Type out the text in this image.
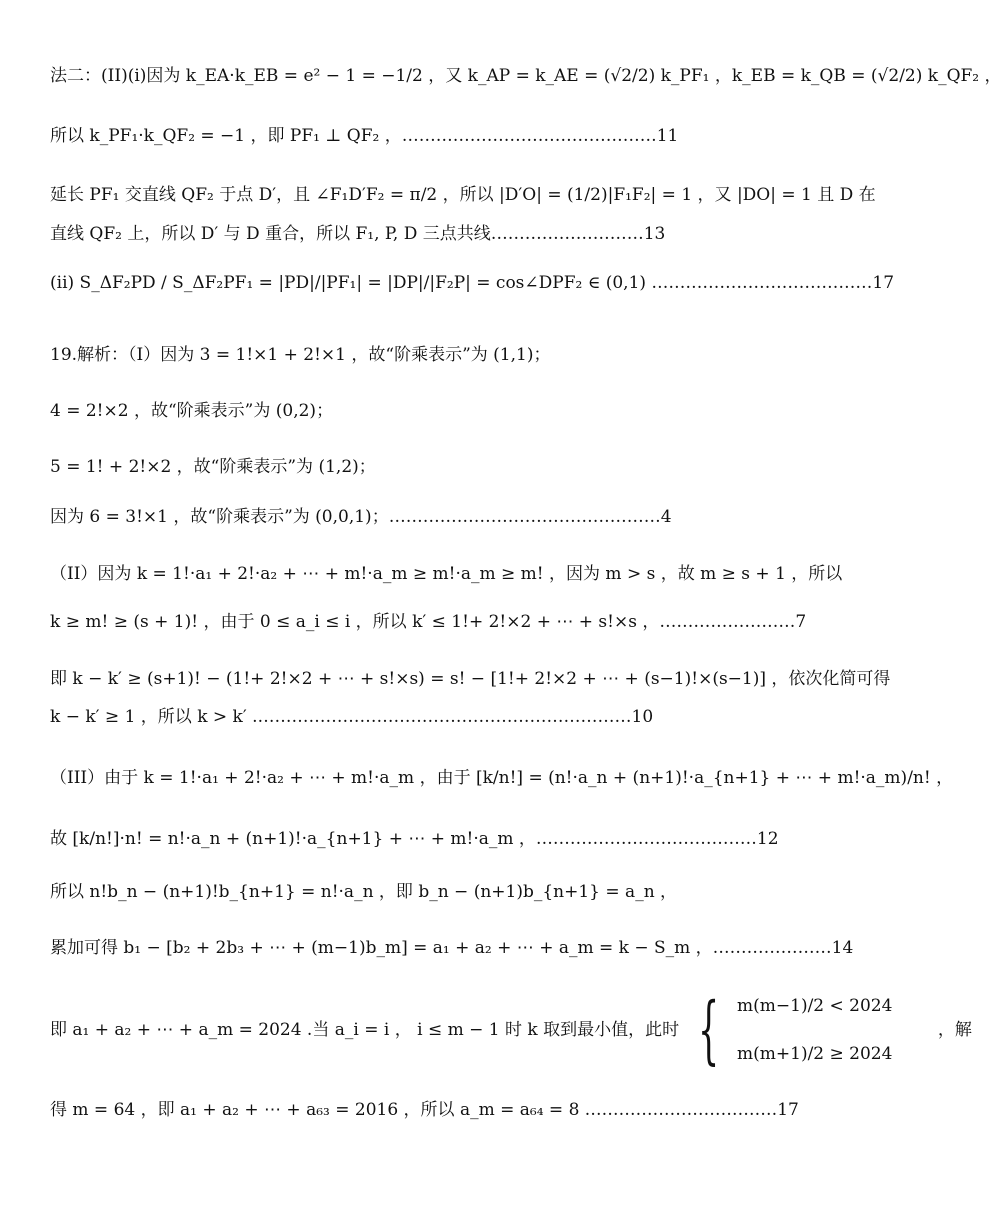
法二：(II)(i)因为 k_EA·k_EB = e² − 1 = −1/2 ，又 k_AP = k_AE = (√2/2) k_PF₁ ，k_EB = k_QB = (√2/2) k_QF₂ ，
所以 k_PF₁·k_QF₂ = −1 ，即 PF₁ ⊥ QF₂ ，………………………………………11
延长 PF₁ 交直线 QF₂ 于点 D′，且 ∠F₁D′F₂ = π/2 ，所以 |D′O| = (1/2)|F₁F₂| = 1 ，又 |DO| = 1 且 D 在
直线 QF₂ 上，所以 D′ 与 D 重合，所以 F₁, P, D 三点共线………………………13
(ii) S_ΔF₂PD / S_ΔF₂PF₁ = |PD|/|PF₁| = |DP|/|F₂P| = cos∠DPF₂ ∈ (0,1) …………………………………17
19.解析：（I）因为 3 = 1!×1 + 2!×1 ，故“阶乘表示”为 (1,1)；
4 = 2!×2 ，故“阶乘表示”为 (0,2)；
5 = 1! + 2!×2 ，故“阶乘表示”为 (1,2)；
因为 6 = 3!×1 ，故“阶乘表示”为 (0,0,1)；…………………………………………4
（II）因为 k = 1!·a₁ + 2!·a₂ + ⋯ + m!·a_m ≥ m!·a_m ≥ m! ，因为 m > s ，故 m ≥ s + 1 ，所以
k ≥ m! ≥ (s + 1)! ，由于 0 ≤ a_i ≤ i ，所以 k′ ≤ 1!+ 2!×2 + ⋯ + s!×s ，……………………7
即 k − k′ ≥ (s+1)! − (1!+ 2!×2 + ⋯ + s!×s) = s! − [1!+ 2!×2 + ⋯ + (s−1)!×(s−1)] ，依次化简可得
k − k′ ≥ 1 ，所以 k > k′ .…………………………………………………………10
（III）由于 k = 1!·a₁ + 2!·a₂ + ⋯ + m!·a_m ，由于 [k/n!] = (n!·a_n + (n+1)!·a_{n+1} + ⋯ + m!·a_m)/n! ，
故 [k/n!]·n! = n!·a_n + (n+1)!·a_{n+1} + ⋯ + m!·a_m ，…………………………………12
所以 n!b_n − (n+1)!b_{n+1} = n!·a_n ，即 b_n − (n+1)b_{n+1} = a_n ，
累加可得 b₁ − [b₂ + 2b₃ + ⋯ + (m−1)b_m] = a₁ + a₂ + ⋯ + a_m = k − S_m ，…………………14
即 a₁ + a₂ + ⋯ + a_m = 2024 .当 a_i = i ， i ≤ m − 1 时 k 取到最小值，此时 { m(m−1)/2 < 2024
m(m+1)/2 ≥ 2024
，解
得 m = 64 ，即 a₁ + a₂ + ⋯ + a₆₃ = 2016 ，所以 a_m = a₆₄ = 8 .……………………………17
